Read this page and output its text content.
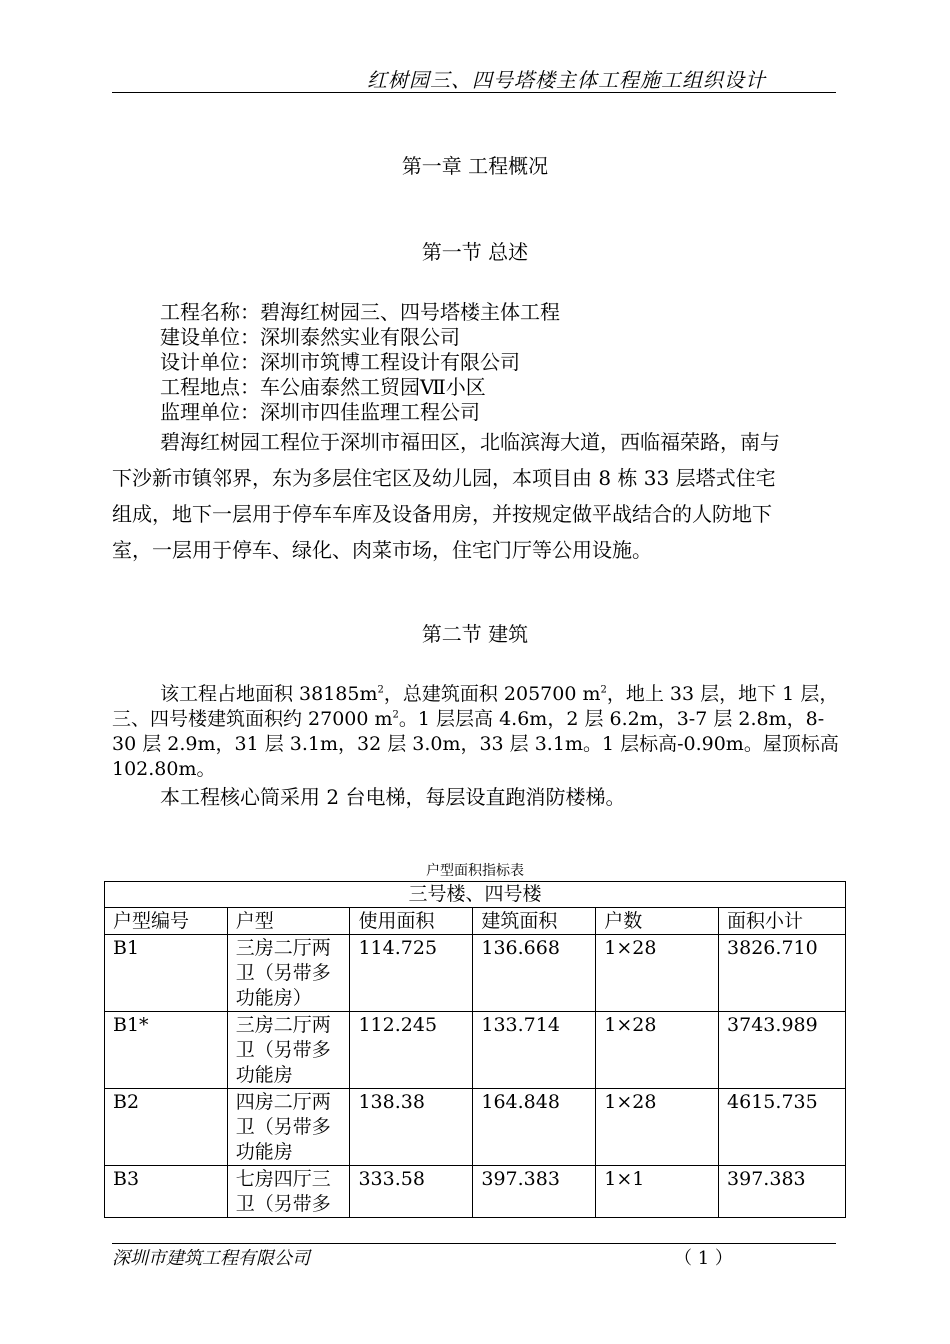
红树园三、四号塔楼主体工程施工组织设计
第一章 工程概况
第一节 总述
工程名称：碧海红树园三、四号塔楼主体工程
建设单位：深圳泰然实业有限公司
设计单位：深圳市筑博工程设计有限公司
工程地点：车公庙泰然工贸园Ⅶ小区
监理单位：深圳市四佳监理工程公司
碧海红树园工程位于深圳市福田区，北临滨海大道，西临福荣路，南与
下沙新市镇邻界，东为多层住宅区及幼儿园，本项目由 8 栋 33 层塔式住宅
组成，地下一层用于停车车库及设备用房，并按规定做平战结合的人防地下
室，一层用于停车、绿化、肉菜市场，住宅门厅等公用设施。
第二节 建筑
该工程占地面积 $38185m^2$，总建筑面积 205700 $m^2$，地上 33 层，地下 1 层，
三、四号楼建筑面积约 27000 $m^2$。1 层层高 4.6m，2 层 6.2m，3-7 层 2.8m，8-
30 层 2.9m，31 层 3.1m，32 层 3.0m，33 层 3.1m。1 层标高-0.90m。屋顶标高
102.80m。
本工程核心筒采用 2 台电梯，每层设直跑消防楼梯。
户型面积指标表
三号楼、四号楼					
户型编号	户型	使用面积	建筑面积	户数	面积小计
B1	三房二厅两
卫（另带多
功能房）	114.725	136.668	1×28	3826.710
B1*	三房二厅两
卫（另带多
功能房	112.245	133.714	1×28	3743.989
B2	四房二厅两
卫（另带多
功能房	138.38	164.848	1×28	4615.735
B3	七房四厅三
卫（另带多	333.58	397.383	1×1	397.383
深圳市建筑工程有限公司	（ 1 ）
